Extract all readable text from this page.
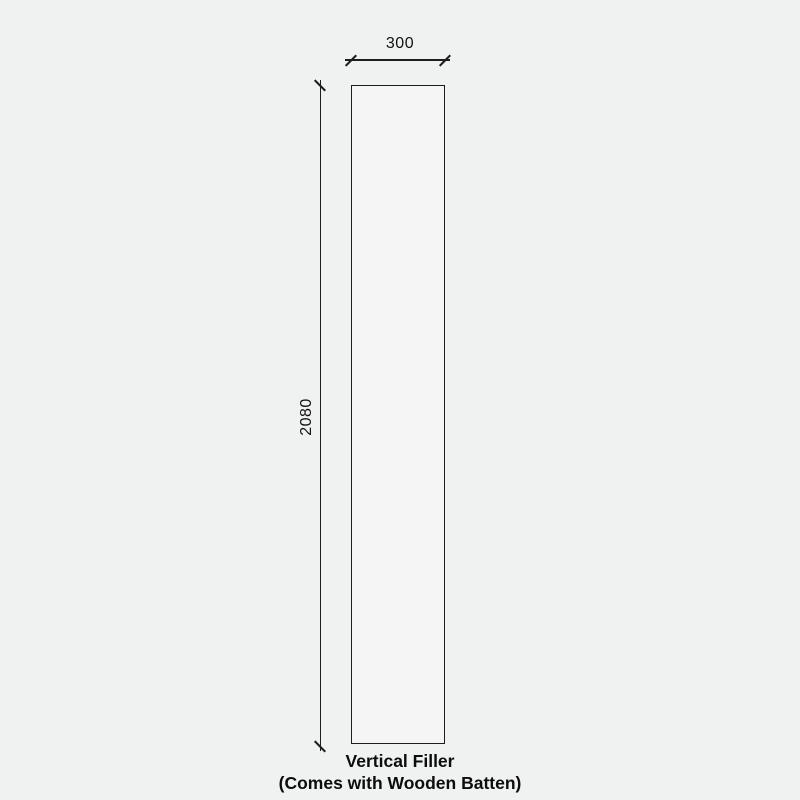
300
2080
Vertical Filler
(Comes with Wooden Batten)
